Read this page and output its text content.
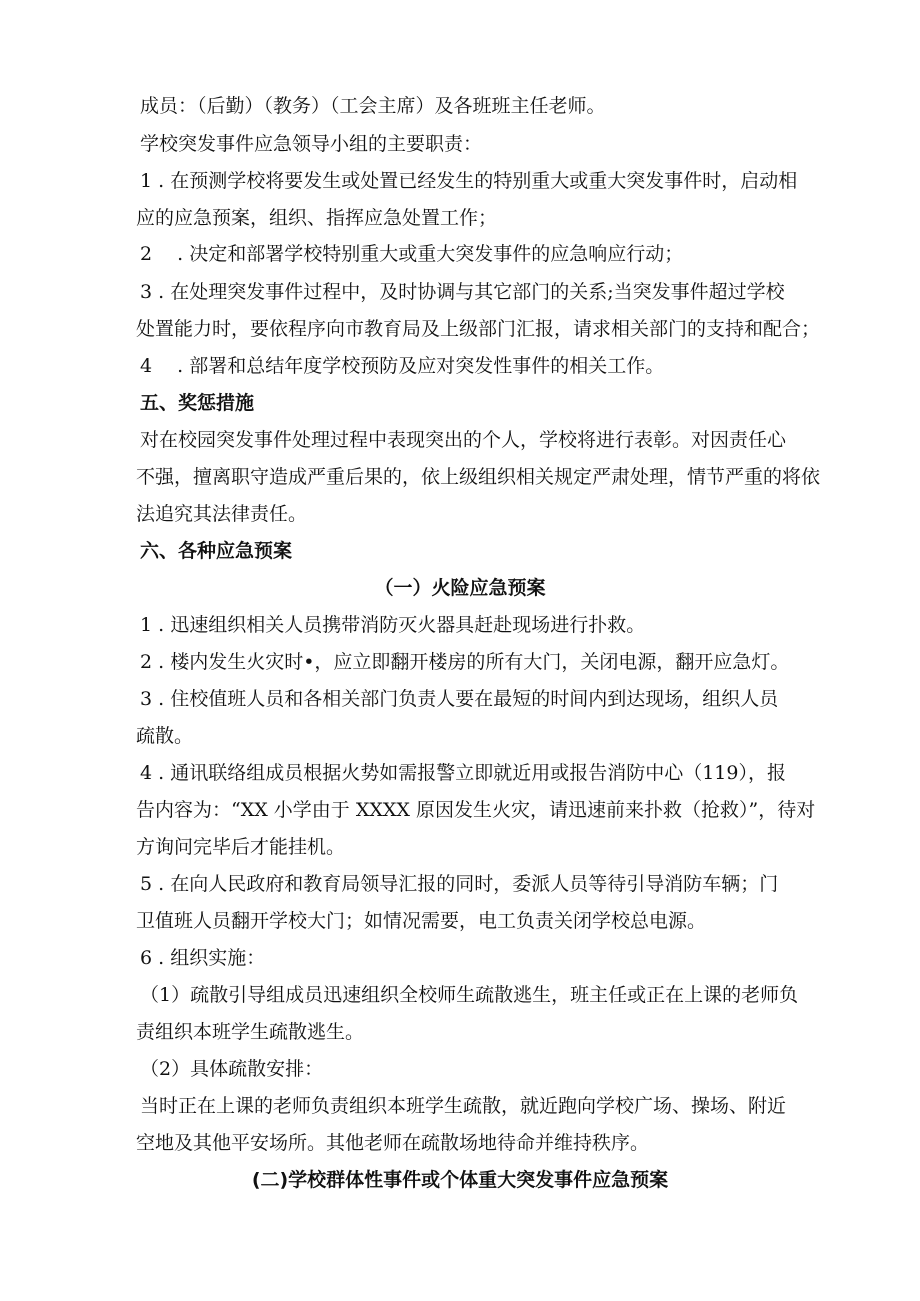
成员：（后勤）（教务）（工会主席）及各班班主任老师。
学校突发事件应急领导小组的主要职责：
1 . 在预测学校将要发生或处置已经发生的特别重大或重大突发事件时，启动相
应的应急预案，组织、指挥应急处置工作；
2 　. 决定和部署学校特别重大或重大突发事件的应急响应行动；
3 . 在处理突发事件过程中，及时协调与其它部门的关系;当突发事件超过学校
处置能力时，要依程序向市教育局及上级部门汇报，请求相关部门的支持和配合；
4 　. 部署和总结年度学校预防及应对突发性事件的相关工作。
五、奖惩措施
对在校园突发事件处理过程中表现突出的个人，学校将进行表彰。对因责任心
不强，擅离职守造成严重后果的，依上级组织相关规定严肃处理，情节严重的将依
法追究其法律责任。
六、各种应急预案
（一）火险应急预案
1 . 迅速组织相关人员携带消防灭火器具赶赴现场进行扑救。
2 . 楼内发生火灾时•，应立即翻开楼房的所有大门，关闭电源，翻开应急灯。
3 . 住校值班人员和各相关部门负责人要在最短的时间内到达现场，组织人员
疏散。
4 . 通讯联络组成员根据火势如需报警立即就近用或报告消防中心（119），报
告内容为：“XX 小学由于 XXXX 原因发生火灾，请迅速前来扑救（抢救）”，待对
方询问完毕后才能挂机。
5 . 在向人民政府和教育局领导汇报的同时，委派人员等待引导消防车辆；门
卫值班人员翻开学校大门；如情况需要，电工负责关闭学校总电源。
6 . 组织实施：
（1）疏散引导组成员迅速组织全校师生疏散逃生，班主任或正在上课的老师负
责组织本班学生疏散逃生。
（2）具体疏散安排：
当时正在上课的老师负责组织本班学生疏散，就近跑向学校广场、操场、附近
空地及其他平安场所。其他老师在疏散场地待命并维持秩序。
(二)学校群体性事件或个体重大突发事件应急预案
